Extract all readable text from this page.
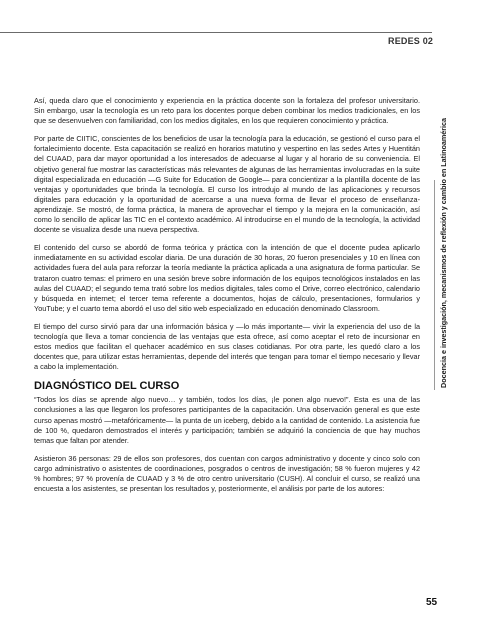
REDES 02
Docencia e investigación, mecanismos de reflexión y cambio en Latinoamérica

Así, queda claro que el conocimiento y experiencia en la práctica docente son la fortaleza del profesor universitario. Sin embargo, usar la tecnología es un reto para los docentes porque deben combinar los medios tradicionales, en los que se desenvuelven con familiaridad, con los medios digitales, en los que requieren conocimiento y práctica.

Por parte de CIITIC, conscientes de los beneficios de usar la tecnología para la educación, se gestionó el curso para el fortalecimiento docente. Esta capacitación se realizó en horarios matutino y vespertino en las sedes Artes y Huentitán del CUAAD, para dar mayor oportunidad a los interesados de adecuarse al lugar y al horario de su conveniencia. El objetivo general fue mostrar las características más relevantes de algunas de las herramientas involucradas en la suite digital especializada en educación —G Suite for Education de Google— para concientizar a la plantilla docente de las ventajas y oportunidades que brinda la tecnología. El curso los introdujo al mundo de las aplicaciones y recursos digitales para educación y la oportunidad de acercarse a una nueva forma de llevar el proceso de enseñanza-aprendizaje. Se mostró, de forma práctica, la manera de aprovechar el tiempo y la mejora en la comunicación, así como lo sencillo de aplicar las TIC en el contexto académico. Al introducirse en el mundo de la tecnología, la actividad docente se visualiza desde una nueva perspectiva.

El contenido del curso se abordó de forma teórica y práctica con la intención de que el docente pudea aplicarlo inmediatamente en su actividad escolar diaria. De una duración de 30 horas, 20 fueron presenciales y 10 en línea con actividades fuera del aula para reforzar la teoría mediante la práctica aplicada a una asignatura de forma particular. Se trataron cuatro temas: el primero en una sesión breve sobre información de los equipos tecnológicos instalados en las aulas del CUAAD; el segundo tema trató sobre los medios digitales, tales como el Drive, correo electrónico, calendario y búsqueda en internet; el tercer tema referente a documentos, hojas de cálculo, presentaciones, formularios y YouTube; y el cuarto tema abordó el uso del sitio web especializado en educación denominado Classroom.

El tiempo del curso sirvió para dar una información básica y —lo más importante— vivir la experiencia del uso de la tecnología que lleva a tomar conciencia de las ventajas que esta ofrece, así como aceptar el reto de incursionar en estos medios que facilitan el quehacer académico en sus clases cotidianas. Por otra parte, les quedó claro a los docentes que, para utilizar estas herramientas, depende del interés que tengan para tomar el tiempo necesario y llevar a cabo la implementación.

DIAGNÓSTICO DEL CURSO

“Todos los días se aprende algo nuevo… y también, todos los días, ¡le ponen algo nuevo!”. Esta es una de las conclusiones a las que llegaron los profesores participantes de la capacitación. Una observación general es que este curso apenas mostró —metafóricamente— la punta de un iceberg, debido a la cantidad de contenido. La asistencia fue de 100 %, quedaron demostrados el interés y participación; también se adquirió la conciencia de que hay muchos temas que faltan por atender.

Asistieron 36 personas: 29 de ellos son profesores, dos cuentan con cargos administrativo y docente y cinco solo con cargo administrativo o asistentes de coordinaciones, posgrados o centros de investigación; 58 % fueron mujeres y 42 % hombres; 97 % provenía de CUAAD y 3 % de otro centro universitario (CUSH). Al concluir el curso, se realizó una encuesta a los asistentes, se presentan los resultados y, posteriormente, el análisis por parte de los autores:

55
